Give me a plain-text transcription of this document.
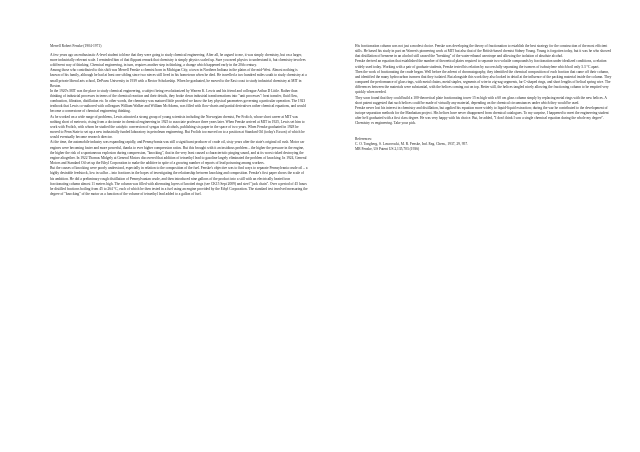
Merrell Robert Fenske (1904-1971)

A few years ago an enthusiastic A-level student told me that they were going to study chemical engineering. After all, he argued to me, it was simply chemistry, but on a larger, more industrially relevant scale. I reminded him of that flippant remark that chemistry is simply physics scaled up. Sure you need physics to understand it, but chemistry involves a different way of thinking. Chemical engineering, in turn, requires another step in thinking, a change which happened early in the 20th century.

Among those who contributed to this shift was Merrell Fenske a chemist born in Michigan City, a town in Northern Indiana in the plains of the mid-West. Almost nothing is known of his family, although he had at least one sibling since two nieces still lived in his hometown when he died. He travelled a two hundred miles south to study chemistry at a small private liberal arts school, DePauw University in 1939 with a Rector Scholarship. When he graduated, he moved to the East coast to study industrial chemistry at MIT in Boston.

In the 1920's MIT was the place to study chemical engineering, a subject being revolutionized by Warren K. Lewis and his friend and colleague Arthur D Little. Rather than thinking of industrial processes in terms of the chemical reaction and their details, they broke down industrial transformations into "unit processes": heat transfer, fluid flow, combustion, filtration, distillation etc. In other words, the chemistry was matured little provided we know the key physical parameters governing a particular operation. The 1923 textbook that Lewis co-authored with colleagues William Walker and William McAdams, was filled with flow-charts and partial derivatives rather chemical equations, and would become a cornerstone of chemical engineering thinking.

As he worked on a wide range of problems, Lewis attracted a strong group of young scientists including the Norwegian chemist, Per Frolich, whose short career at MIT was nothing short of meteoric, rising from a doctorate in chemical engineering in 1925 to associate professor three years later. When Fenske arrived at MIT in 1925, Lewis set him to work with Frolich, with whom he studied the catalytic conversion of syngas into alcohols, publishing six paper in the space of two years. When Fenske graduated in 1928 he moved to Penn State to set up a new industrially funded laboratory in petroleum engineering. But Frolich too moved on to a position at Standard Oil (today's Exxon) of which he would eventually become research director.

At the time, the automobile industry was expanding rapidly, and Pennsylvania was still a significant producer of crude oil, sixty years after the state's original oil rush. Motor car engines were becoming faster and more powerful, thanks to ever higher compression ratios. But this brought with it an insidious problem – the higher the pressure in the engine, the higher the risk of a spontaneous explosion during compression, "knocking", that in the very least caused a characteristic pinging sound, and at its worst risked destroying the engine altogether. In 1922 Thomas Midgely at General Motors discovered that addition of tetraethyl lead to gasoline largely eliminated the problem of knocking. In 1924, General Motors and Standard Oil set up the Ethyl Corporation to make the additive in spite of a growing number of reports of lead poisoning among workers.

But the causes of knocking were poorly understood, especially in relation to the composition of the fuel. Fenske's objective was to find ways to separate Pennsylvania crude oil – a highly desirable feedstock, low in sulfur – into fractions in the hopes of investigating the relationship between knocking and composition. Fenske's first paper shows the scale of his ambition. He did a preliminary rough distillation of Pennsylvanian crude, and then introduced nine gallons of the product into a still with an electrically heated iron fractionating column almost 11 meters high. The column was filled with alternating layers of knotted rings (see CK15 Sept 2009) and steel "jack chain". Over a period of 45 hours he distilled fractions boiling from 45 to 264 °C, each of which he then tested in a fuel using an engine provided by the Ethyl Corporation. The standard test involved measuring the degree of "knocking" of the motor as a function of the volume of tetraethyl lead added to a gallon of fuel.

His fractionation column was not just a modest choice. Fenske was developing the theory of fractionation to establish the best strategy for the construction of the most efficient stills. He based his study in part on Warren's pioneering work at MIT but also that of the British-based chemist Sidney Young. Young is forgotten today, but it was he who showed that distillation of benzene in an alcohol still caused the "breaking" of the water-ethanol azeotrope and allowing the isolation of absolute alcohol.

Fenske derived an equation that established the number of theoretical plates required to separate two volatile compounds by fractionation under idealized conditions, a relation widely used today. Working with a pair of graduate students, Fenske tested his relation by successfully separating the isomers of isobutylene which boil only 3.3 °C apart.

Then the work of fractionating the crude began. Well before the advent of chromatography, they identified the chemical composition of each fraction that came off their column, and identified the many hydrocarbon isomers that they isolated. But alongside this work they also looked in detail at the influence of the packing material inside the column. They compared the performance of glass rings, with metal chains, metal staples, segments of wire in zig-zag segments, far C-shaped rings, and short lengths of helical spring wire. The differences between the materials were substantial, with the helices coming out on top. Better still, the helices tangled nicely allowing the fractioning column to be emptied very quickly when needed.

They soon found that they could build a 100-theoretical plate fractionating tower 15 m high with a 60 cm glass column simply by replacing metal rings with the new helices. A short patent suggested that such helices could be made of virtually any material, depending on the chemical circumstances under which they would be used.

Fenske never lost his interest in chemistry and distillation, but applied his equation more widely to liquid-liquid extraction; during the war he contributed to the development of isotope separation methods for the Manhattan project. His helices have never disappeared from chemical catalogues. To my surprise, I happened to meet the engineering student after he'd graduated with a first class degree. He was very happy with his choice. But, he added, "I don't think I saw a single chemical equation during the whole my degree". Chemistry vs engineering. Take your pick.

References:

C. O. Tongberg, S. Lawroswki, M. R. Fenske, Ind. Eng. Chem., 1937, 29, 957.

MR Fenske, US Patent US 2,135,703 (1936)
